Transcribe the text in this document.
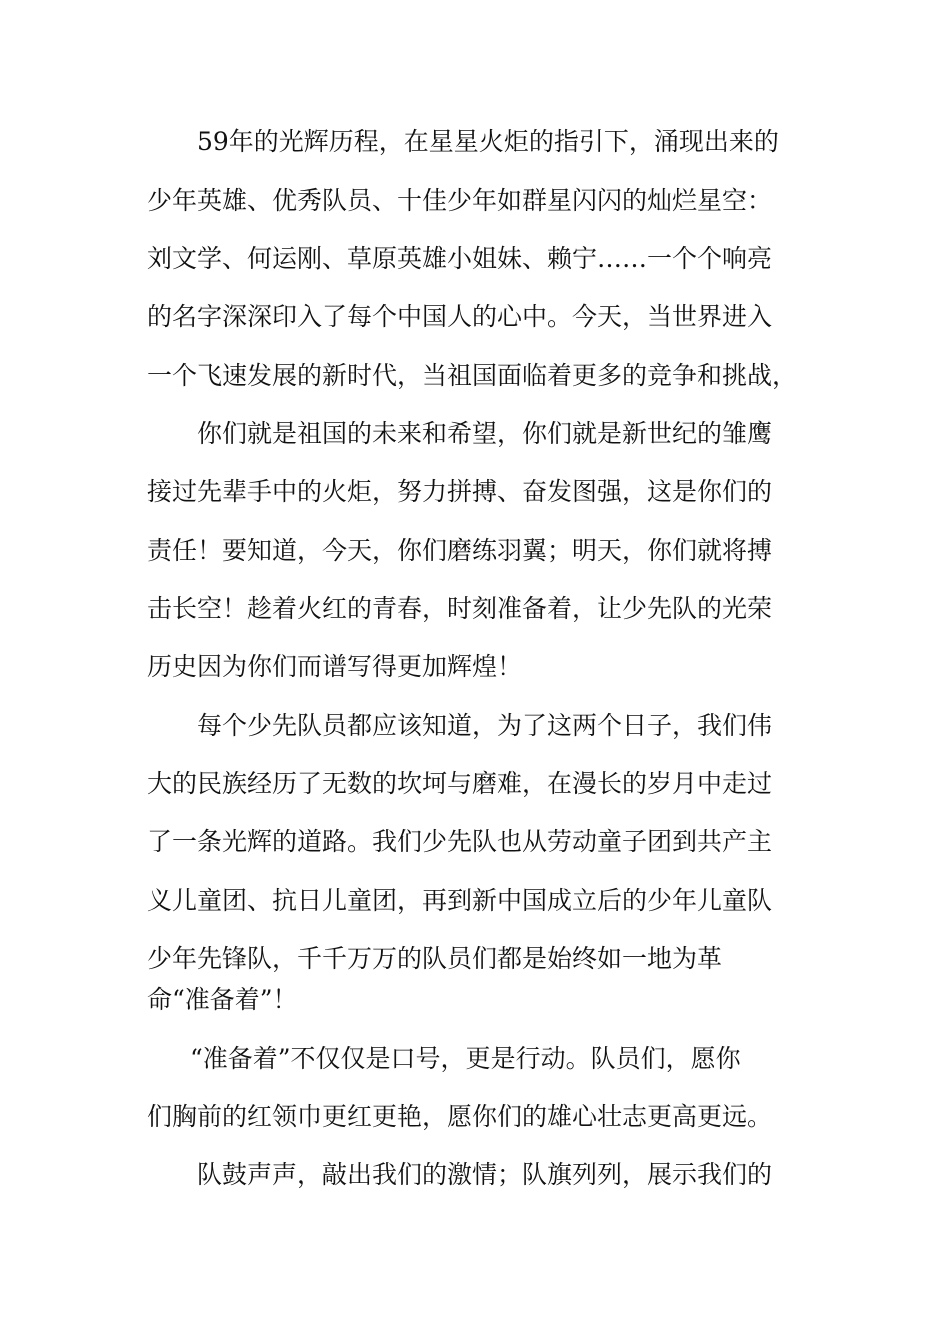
59年的光辉历程，在星星火炬的指引下，涌现出来的
少年英雄、优秀队员、十佳少年如群星闪闪的灿烂星空：
刘文学、何运刚、草原英雄小姐妹、赖宁……一个个响亮
的名字深深印入了每个中国人的心中。今天，当世界进入
一个飞速发展的新时代，当祖国面临着更多的竞争和挑战，
你们就是祖国的未来和希望，你们就是新世纪的雏鹰
接过先辈手中的火炬，努力拼搏、奋发图强，这是你们的
责任！要知道，今天，你们磨练羽翼；明天，你们就将搏
击长空！趁着火红的青春，时刻准备着，让少先队的光荣
历史因为你们而谱写得更加辉煌！
每个少先队员都应该知道，为了这两个日子，我们伟
大的民族经历了无数的坎坷与磨难，在漫长的岁月中走过
了一条光辉的道路。我们少先队也从劳动童子团到共产主
义儿童团、抗日儿童团，再到新中国成立后的少年儿童队
少年先锋队，千千万万的队员们都是始终如一地为革
命“准备着”！
“准备着”不仅仅是口号，更是行动。队员们，愿你
们胸前的红领巾更红更艳，愿你们的雄心壮志更高更远。
队鼓声声，敲出我们的激情；队旗列列，展示我们的
